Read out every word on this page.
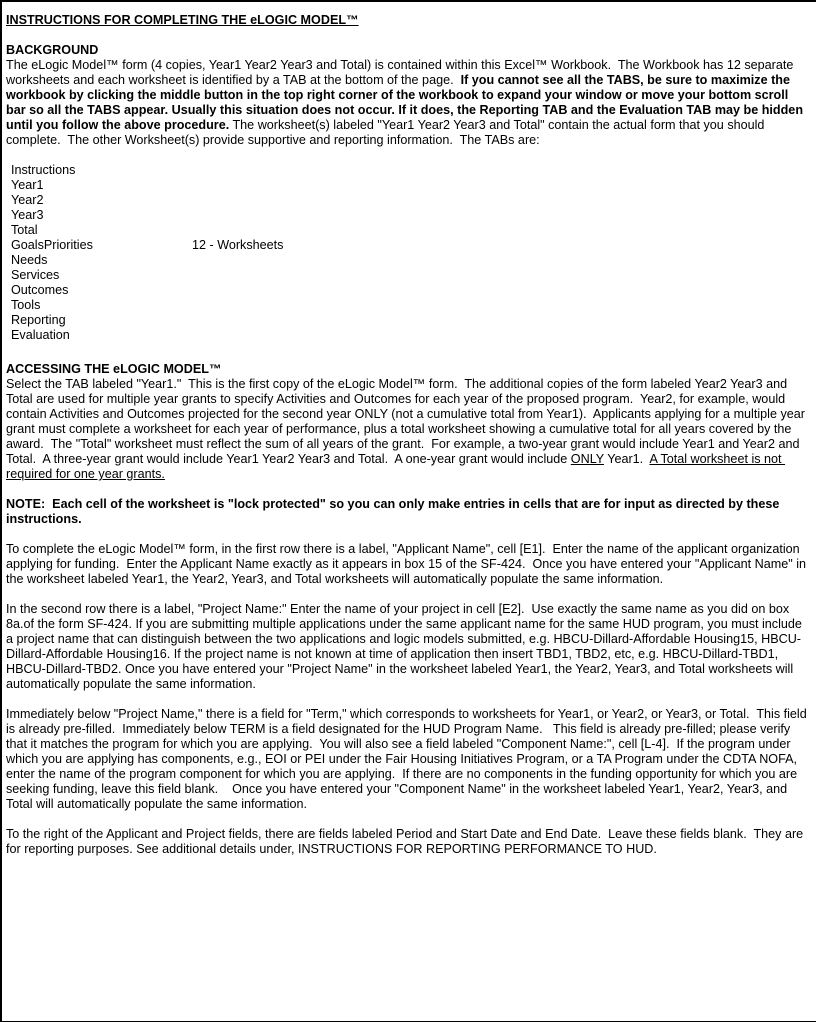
INSTRUCTIONS FOR COMPLETING THE eLOGIC MODEL™
BACKGROUND

The eLogic Model™ form (4 copies, Year1 Year2 Year3 and Total) is contained within this Excel™ Workbook.  The Workbook has 12 separate worksheets and each worksheet is identified by a TAB at the bottom of the page.  If you cannot see all the TABS, be sure to maximize the workbook by clicking the middle button in the top right corner of the workbook to expand your window or move your bottom scroll bar so all the TABS appear. Usually this situation does not occur. If it does, the Reporting TAB and the Evaluation TAB may be hidden until you follow the above procedure. The worksheet(s) labeled "Year1 Year2 Year3 and Total" contain the actual form that you should complete.  The other Worksheet(s) provide supportive and reporting information.  The TABs are:

Instructions
Year1
Year2
Year3
Total
GoalsPriorities	12 - Worksheets
Needs
Services
Outcomes
Tools
Reporting
Evaluation
ACCESSING THE eLOGIC MODEL™

Select the TAB labeled "Year1."  This is the first copy of the eLogic Model™ form.  The additional copies of the form labeled Year2 Year3 and Total are used for multiple year grants to specify Activities and Outcomes for each year of the proposed program.  Year2, for example, would contain Activities and Outcomes projected for the second year ONLY (not a cumulative total from Year1).  Applicants applying for a multiple year grant must complete a worksheet for each year of performance, plus a total worksheet showing a cumulative total for all years covered by the award.  The "Total" worksheet must reflect the sum of all years of the grant.  For example, a two-year grant would include Year1 and Year2 and Total.  A three-year grant would include Year1 Year2 Year3 and Total.  A one-year grant would include ONLY Year1.  A Total worksheet is not required for one year grants.

NOTE:  Each cell of the worksheet is "lock protected" so you can only make entries in cells that are for input as directed by these instructions.

To complete the eLogic Model™ form, in the first row there is a label, "Applicant Name", cell [E1].  Enter the name of the applicant organization applying for funding.  Enter the Applicant Name exactly as it appears in box 15 of the SF-424.  Once you have entered your "Applicant Name" in the worksheet labeled Year1, the Year2, Year3, and Total worksheets will automatically populate the same information.

In the second row there is a label, "Project Name:" Enter the name of your project in cell [E2].  Use exactly the same name as you did on box 8a.of the form SF-424. If you are submitting multiple applications under the same applicant name for the same HUD program, you must include a project name that can distinguish between the two applications and logic models submitted, e.g. HBCU-Dillard-Affordable Housing15, HBCU-Dillard-Affordable Housing16. If the project name is not known at time of application then insert TBD1, TBD2, etc, e.g. HBCU-Dillard-TBD1, HBCU-Dillard-TBD2. Once you have entered your "Project Name" in the worksheet labeled Year1, the Year2, Year3, and Total worksheets will automatically populate the same information.

Immediately below "Project Name," there is a field for "Term," which corresponds to worksheets for Year1, or Year2, or Year3, or Total.  This field is already pre-filled.  Immediately below TERM is a field designated for the HUD Program Name.   This field is already pre-filled; please verify that it matches the program for which you are applying.  You will also see a field labeled "Component Name:", cell [L-4].  If the program under which you are applying has components, e.g., EOI or PEI under the Fair Housing Initiatives Program, or a TA Program under the CDTA NOFA, enter the name of the program component for which you are applying.  If there are no components in the funding opportunity for which you are seeking funding, leave this field blank.    Once you have entered your "Component Name" in the worksheet labeled Year1, Year2, Year3, and Total will automatically populate the same information.

To the right of the Applicant and Project fields, there are fields labeled Period and Start Date and End Date.  Leave these fields blank.  They are for reporting purposes. See additional details under, INSTRUCTIONS FOR REPORTING PERFORMANCE TO HUD.
